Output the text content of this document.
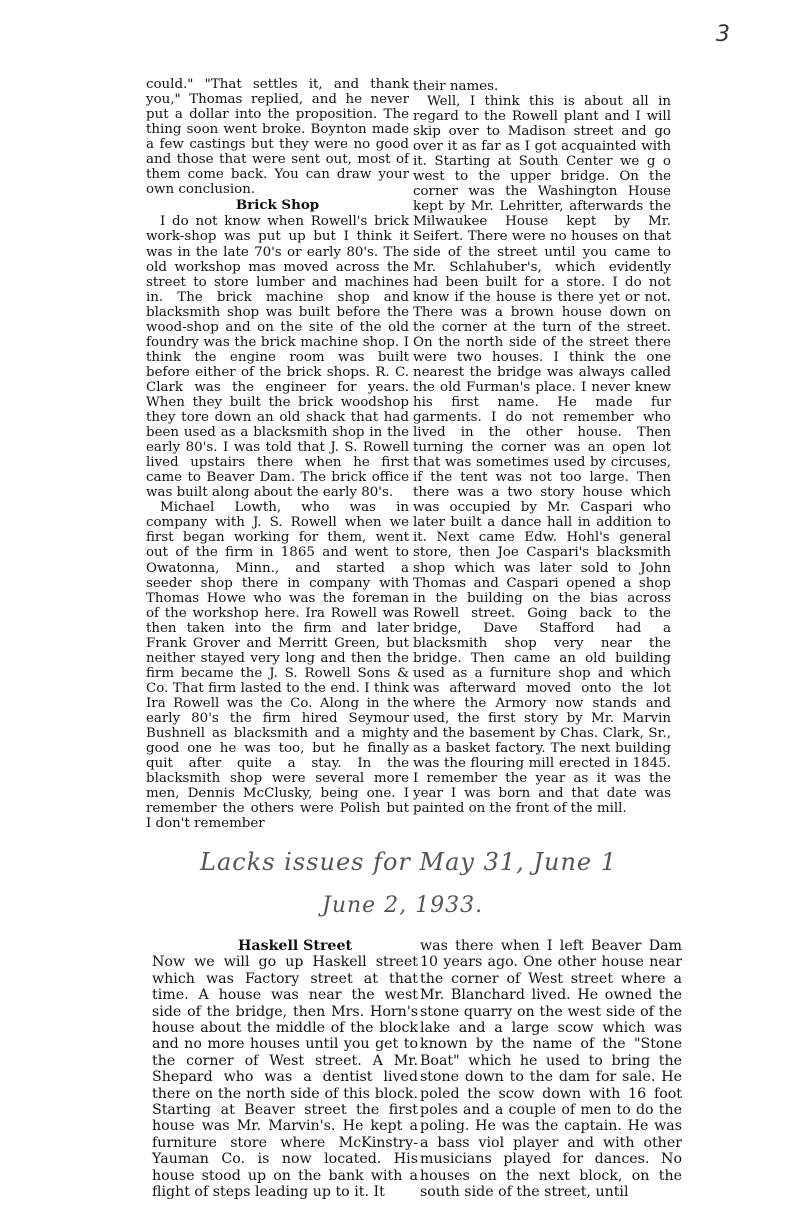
3

could." "That settles it, and thank you," Thomas replied, and he never put a dollar into the proposition. The thing soon went broke. Boynton made a few castings but they were no good and those that were sent out, most of them come back. You can draw your own conclusion.

Brick Shop

I do not know when Rowell's brick work-shop was put up but I think it was in the late 70's or early 80's. The old workshop mas moved across the street to store lumber and machines in. The brick machine shop and blacksmith shop was built before the wood-shop and on the site of the old foundry was the brick machine shop. I think the engine room was built before either of the brick shops. R. C. Clark was the engineer for years. When they built the brick woodshop they tore down an old shack that had been used as a blacksmith shop in the early 80's. I was told that J. S. Rowell lived upstairs there when he first came to Beaver Dam. The brick office was built along about the early 80's.

Michael Lowth, who was in company with J. S. Rowell when we first began working for them, went out of the firm in 1865 and went to Owatonna, Minn., and started a seeder shop there in company with Thomas Howe who was the foreman of the workshop here. Ira Rowell was then taken into the firm and later Frank Grover and Merritt Green, but neither stayed very long and then the firm became the J. S. Rowell Sons & Co. That firm lasted to the end. I think Ira Rowell was the Co. Along in the early 80's the firm hired Seymour Bushnell as blacksmith and a mighty good one he was too, but he finally quit after quite a stay. In the blacksmith shop were several more men, Dennis McClusky, being one. I remember the others were Polish but I don't remember

their names.

Well, I think this is about all in regard to the Rowell plant and I will skip over to Madison street and go over it as far as I got acquainted with it. Starting at South Center we g o west to the upper bridge. On the corner was the Washington House kept by Mr. Lehritter, afterwards the Milwaukee House kept by Mr. Seifert. There were no houses on that side of the street until you came to Mr. Schlahuber's, which evidently had been built for a store. I do not know if the house is there yet or not. There was a brown house down on the corner at the turn of the street. On the north side of the street there were two houses. I think the one nearest the bridge was always called the old Furman's place. I never knew his first name. He made fur garments. I do not remember who lived in the other house. Then turning the corner was an open lot that was sometimes used by circuses, if the tent was not too large. Then there was a two story house which was occupied by Mr. Caspari who later built a dance hall in addition to it. Next came Edw. Hohl's general store, then Joe Caspari's blacksmith shop which was later sold to John Thomas and Caspari opened a shop in the building on the bias across Rowell street. Going back to the bridge, Dave Stafford had a blacksmith shop very near the bridge. Then came an old building used as a furniture shop and which was afterward moved onto the lot where the Armory now stands and used, the first story by Mr. Marvin and the basement by Chas. Clark, Sr., as a basket factory. The next building was the flouring mill erected in 1845. I remember the year as it was the year I was born and that date was painted on the front of the mill.

Lacks issues for May 31, June 1
June 2, 1933.
Haskell Street

Now we will go up Haskell street which was Factory street at that time. A house was near the west side of the bridge, then Mrs. Horn's house about the middle of the block and no more houses until you get to the corner of West street. A Mr. Shepard who was a dentist lived there on the north side of this block. Starting at Beaver street the first house was Mr. Marvin's. He kept a furniture store where McKinstry-Yauman Co. is now located. His house stood up on the bank with a flight of steps leading up to it. It

was there when I left Beaver Dam 10 years ago. One other house near the corner of West street where a Mr. Blanchard lived. He owned the stone quarry on the west side of the lake and a large scow which was known by the name of the "Stone Boat" which he used to bring the stone down to the dam for sale. He poled the scow down with 16 foot poles and a couple of men to do the poling. He was the captain. He was a bass viol player and with other musicians played for dances. No houses on the next block, on the south side of the street, until
